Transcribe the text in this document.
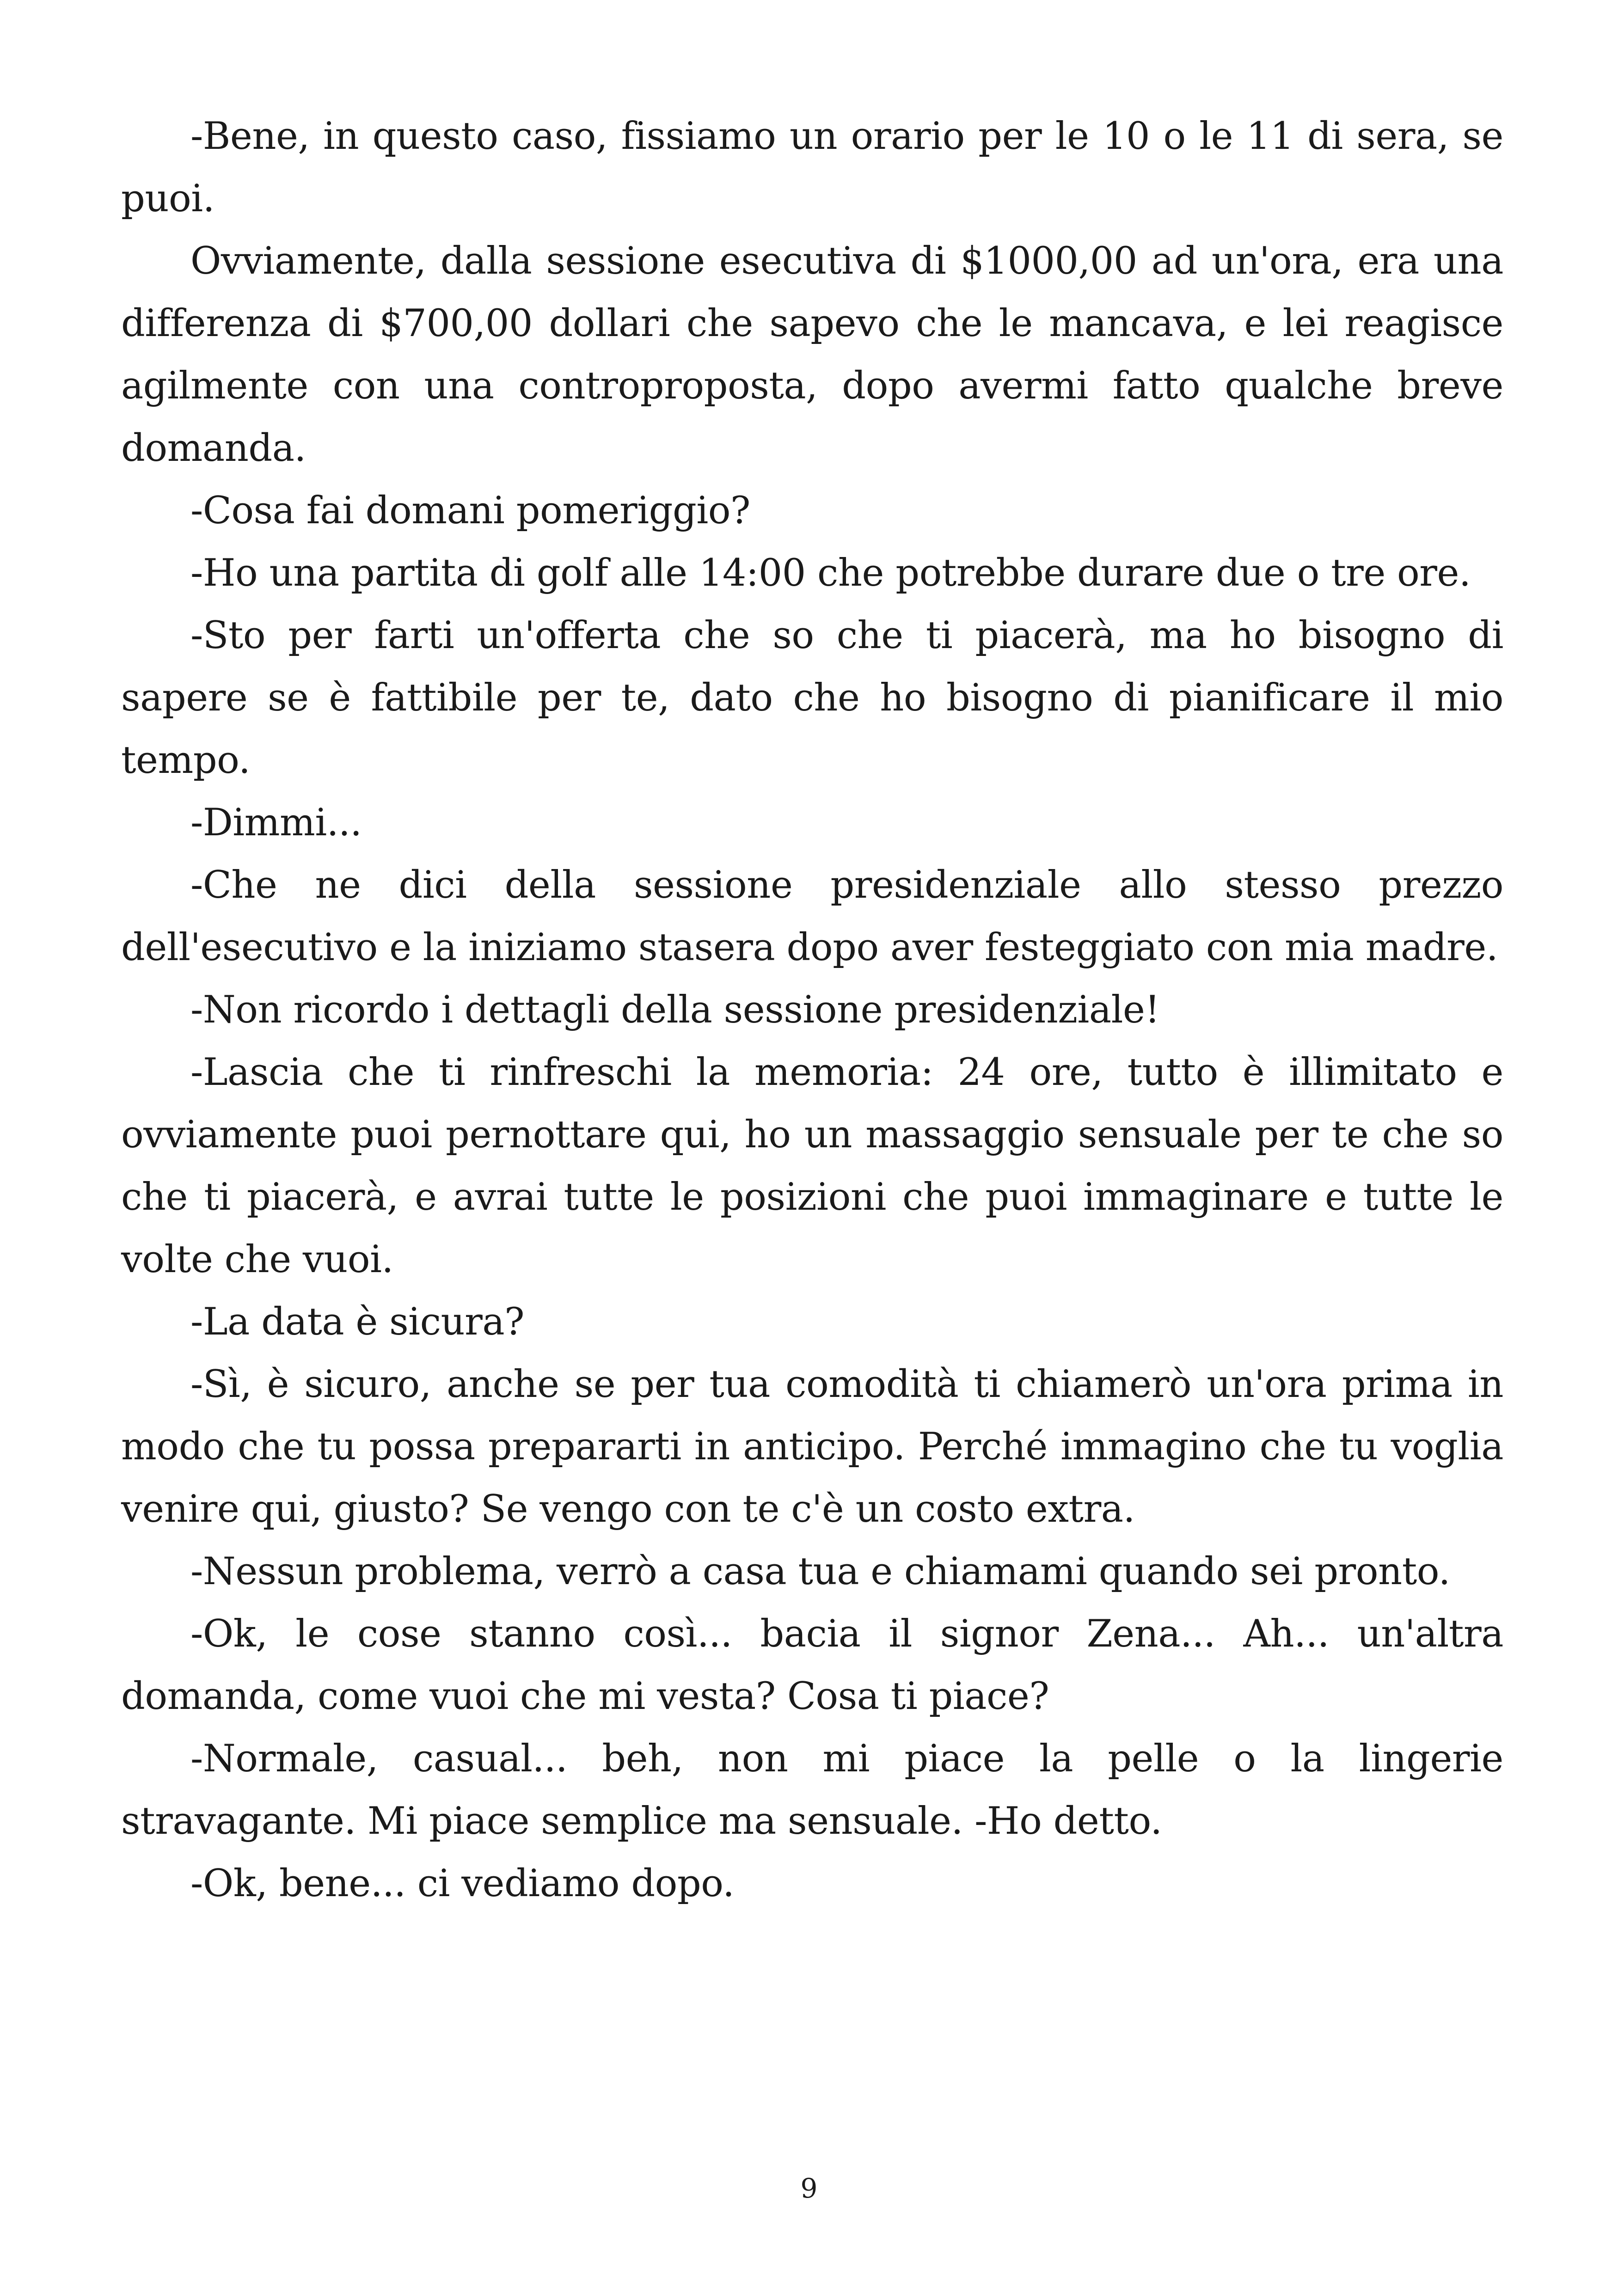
-Bene, in questo caso, fissiamo un orario per le 10 o le 11 di sera, se puoi.

Ovviamente, dalla sessione esecutiva di $1000,00 ad un'ora, era una differenza di $700,00 dollari che sapevo che le mancava, e lei reagisce agilmente con una controproposta, dopo avermi fatto qualche breve domanda.

-Cosa fai domani pomeriggio?

-Ho una partita di golf alle 14:00 che potrebbe durare due o tre ore.

-Sto per farti un'offerta che so che ti piacerà, ma ho bisogno di sapere se è fattibile per te, dato che ho bisogno di pianificare il mio tempo.

-Dimmi...

-Che ne dici della sessione presidenziale allo stesso prezzo dell'esecutivo e la iniziamo stasera dopo aver festeggiato con mia madre.

-Non ricordo i dettagli della sessione presidenziale!

-Lascia che ti rinfreschi la memoria: 24 ore, tutto è illimitato e ovviamente puoi pernottare qui, ho un massaggio sensuale per te che so che ti piacerà, e avrai tutte le posizioni che puoi immaginare e tutte le volte che vuoi.

-La data è sicura?

-Sì, è sicuro, anche se per tua comodità ti chiamerò un'ora prima in modo che tu possa prepararti in anticipo. Perché immagino che tu voglia venire qui, giusto? Se vengo con te c'è un costo extra.

-Nessun problema, verrò a casa tua e chiamami quando sei pronto.

-Ok, le cose stanno così... bacia il signor Zena... Ah... un'altra domanda, come vuoi che mi vesta? Cosa ti piace?

-Normale, casual... beh, non mi piace la pelle o la lingerie stravagante. Mi piace semplice ma sensuale. -Ho detto.

-Ok, bene... ci vediamo dopo.

9
